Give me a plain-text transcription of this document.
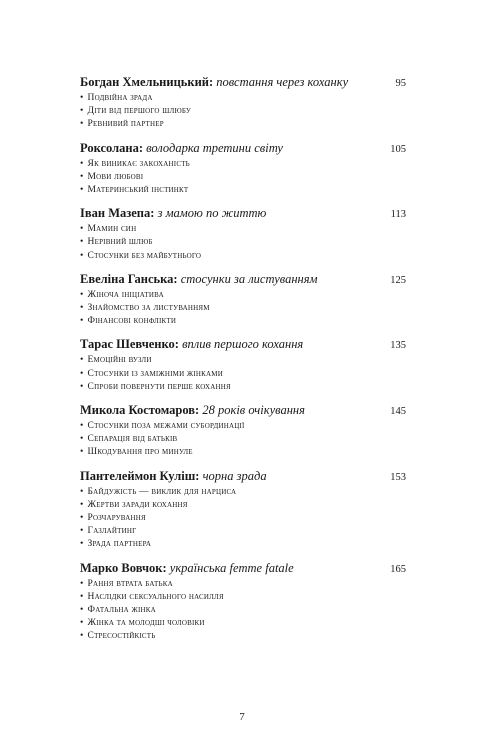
Богдан Хмельницький: повстання через коханку	95
• Подвійна зрада
• Діти від першого шлюбу
• Ревнивий партнер
Роксолана: володарка третини світу	105
• Як виникає закоханість
• Мови любові
• Материнський інстинкт
Іван Мазепа: з мамою по життю	113
• Мамин син
• Нерівний шлюб
• Стосунки без майбутнього
Евеліна Ганська: стосунки за листуванням	125
• Жіноча ініціатива
• Знайомство за листуванням
• Фінансові конфлікти
Тарас Шевченко: вплив першого кохання	135
• Емоційні вузли
• Стосунки із заміжніми жінками
• Спроби повернути перше кохання
Микола Костомаров: 28 років очікування	145
• Стосунки поза межами субординації
• Сепарація від батьків
• Шкодування про минуле
Пантелеймон Куліш: чорна зрада	153
• Байдужість — виклик для нарциса
• Жертви заради кохання
• Розчарування
• Газлайтинг
• Зрада партнера
Марко Вовчок: українська femme fatale	165
• Рання втрата батька
• Наслідки сексуального насилля
• Фатальна жінка
• Жінка та молодші чоловіки
• Стресостійкість
7
